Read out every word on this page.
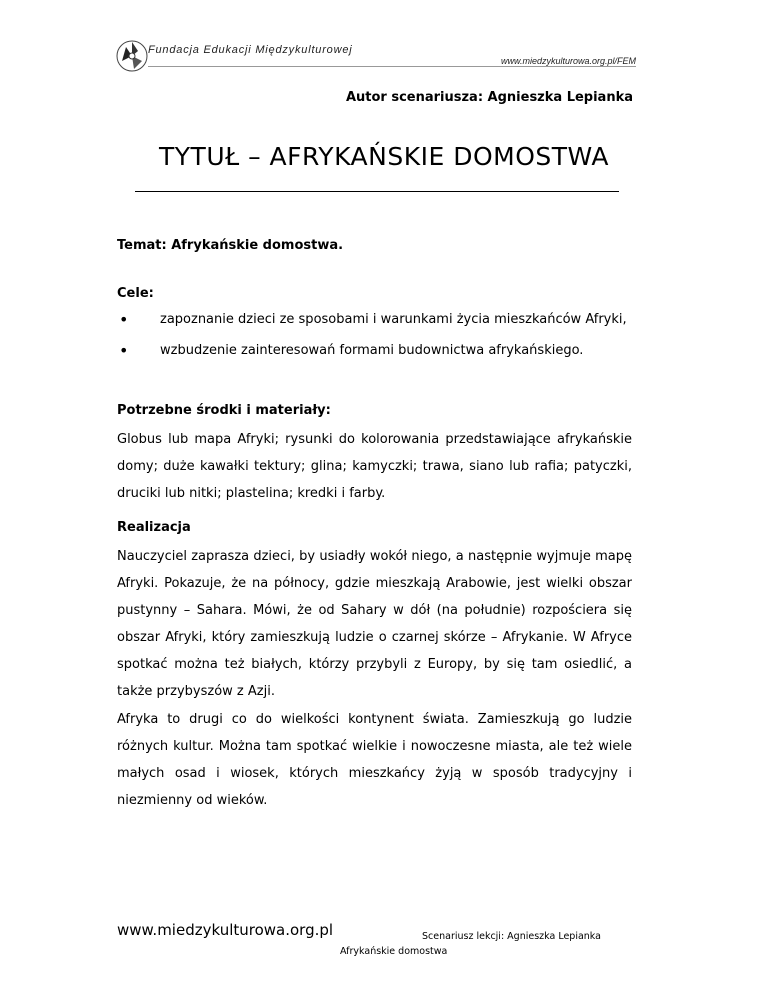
Fundacja Edukacji Międzykulturowej
www.miedzykulturowa.org.pl/FEM
Autor scenariusza: Agnieszka Lepianka
TYTUŁ – AFRYKAŃSKIE DOMOSTWA
Temat: Afrykańskie domostwa.
Cele:
• zapoznanie dzieci ze sposobami i warunkami życia mieszkańców Afryki,
• wzbudzenie zainteresowań formami budownictwa afrykańskiego.
Potrzebne środki i materiały:

Globus lub mapa Afryki; rysunki do kolorowania przedstawiające afrykańskie domy; duże kawałki tektury; glina; kamyczki; trawa, siano lub rafia; patyczki, druciki lub nitki; plastelina; kredki i farby.

Realizacja

Nauczyciel zaprasza dzieci, by usiadły wokół niego, a następnie wyjmuje mapę Afryki. Pokazuje, że na północy, gdzie mieszkają Arabowie, jest wielki obszar pustynny – Sahara. Mówi, że od Sahary w dół (na południe) rozpościera się obszar Afryki, który zamieszkują ludzie o czarnej skórze – Afrykanie. W Afryce spotkać można też białych, którzy przybyli z Europy, by się tam osiedlić, a także przybyszów z Azji.

Afryka to drugi co do wielkości kontynent świata. Zamieszkują go ludzie różnych kultur. Można tam spotkać wielkie i nowoczesne miasta, ale też wiele małych osad i wiosek, których mieszkańcy żyją w sposób tradycyjny i niezmienny od wieków.

www.miedzykulturowa.org.pl	Scenariusz lekcji: Agnieszka Lepianka
Afrykańskie domostwa
